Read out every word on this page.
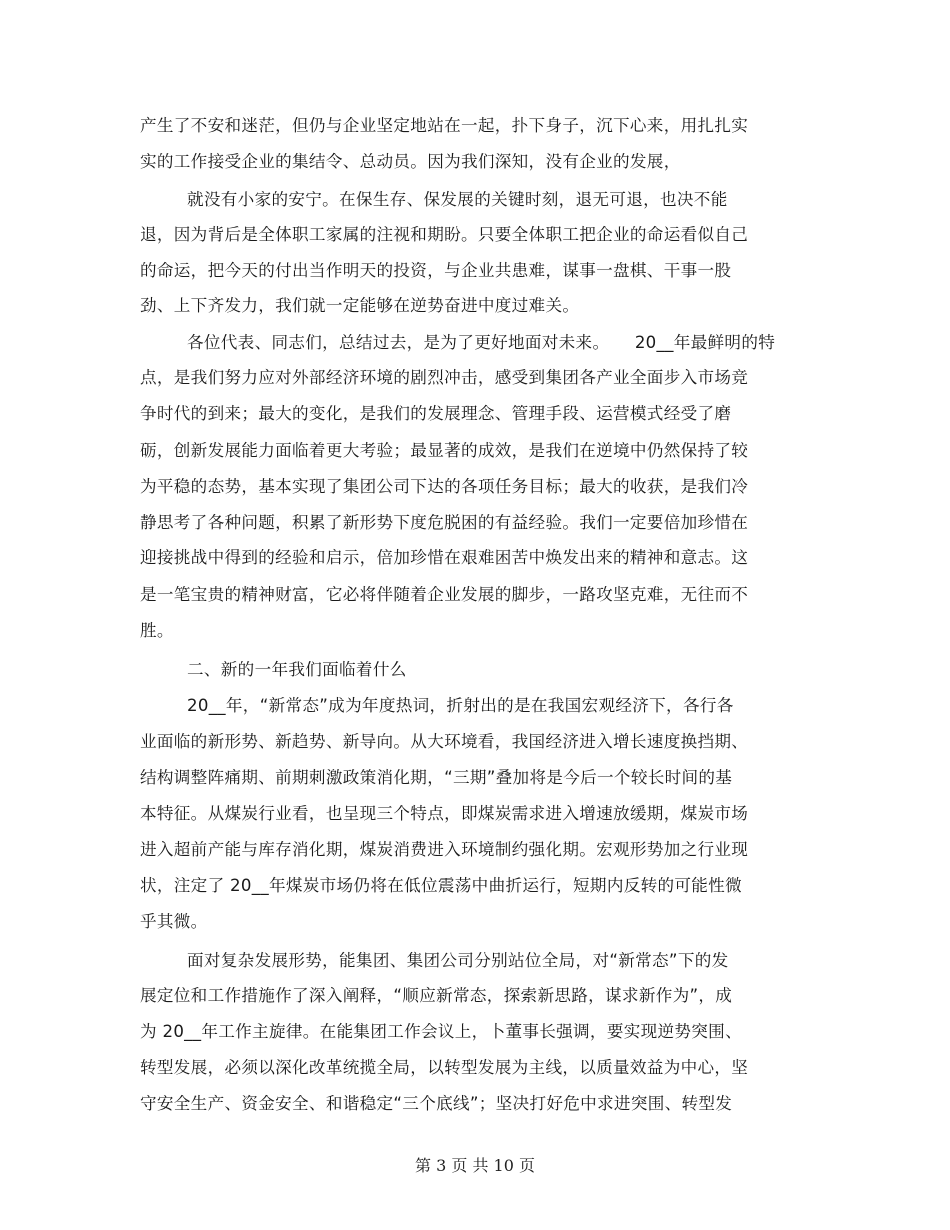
产生了不安和迷茫，但仍与企业坚定地站在一起，扑下身子，沉下心来，用扎扎实
实的工作接受企业的集结令、总动员。因为我们深知，没有企业的发展，
就没有小家的安宁。在保生存、保发展的关键时刻，退无可退，也决不能
退，因为背后是全体职工家属的注视和期盼。只要全体职工把企业的命运看似自己
的命运，把今天的付出当作明天的投资，与企业共患难，谋事一盘棋、干事一股
劲、上下齐发力，我们就一定能够在逆势奋进中度过难关。
各位代表、同志们，总结过去，是为了更好地面对未来。　　20__年最鲜明的特
点，是我们努力应对外部经济环境的剧烈冲击，感受到集团各产业全面步入市场竞
争时代的到来；最大的变化，是我们的发展理念、管理手段、运营模式经受了磨
砺，创新发展能力面临着更大考验；最显著的成效，是我们在逆境中仍然保持了较
为平稳的态势，基本实现了集团公司下达的各项任务目标；最大的收获，是我们冷
静思考了各种问题，积累了新形势下度危脱困的有益经验。我们一定要倍加珍惜在
迎接挑战中得到的经验和启示，倍加珍惜在艰难困苦中焕发出来的精神和意志。这
是一笔宝贵的精神财富，它必将伴随着企业发展的脚步，一路攻坚克难，无往而不
胜。
二、新的一年我们面临着什么
20__年，“新常态”成为年度热词，折射出的是在我国宏观经济下，各行各
业面临的新形势、新趋势、新导向。从大环境看，我国经济进入增长速度换挡期、
结构调整阵痛期、前期刺激政策消化期，“三期”叠加将是今后一个较长时间的基
本特征。从煤炭行业看，也呈现三个特点，即煤炭需求进入增速放缓期，煤炭市场
进入超前产能与库存消化期，煤炭消费进入环境制约强化期。宏观形势加之行业现
状，注定了 20__年煤炭市场仍将在低位震荡中曲折运行，短期内反转的可能性微
乎其微。
面对复杂发展形势，能集团、集团公司分别站位全局，对“新常态”下的发
展定位和工作措施作了深入阐释，“顺应新常态，探索新思路，谋求新作为”，成
为 20__年工作主旋律。在能集团工作会议上，卜董事长强调，要实现逆势突围、
转型发展，必须以深化改革统揽全局，以转型发展为主线，以质量效益为中心，坚
守安全生产、资金安全、和谐稳定“三个底线”；坚决打好危中求进突围、转型发
第 3 页 共 10 页
